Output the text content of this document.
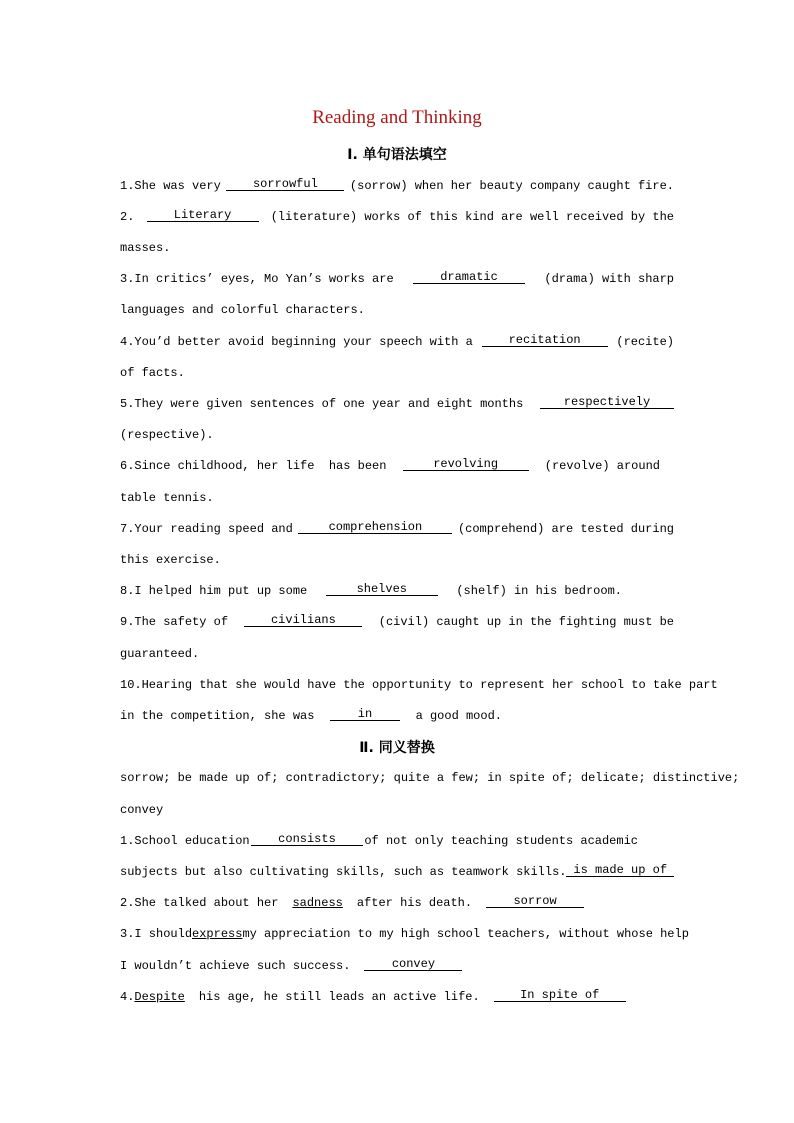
Reading and Thinking
Ⅰ. 单句语法填空
1.She was very	sorrowful	(sorrow) when her beauty company caught fire.
2.	Literary	(literature) works of this kind are well received by the
masses.
3.In critics’ eyes, Mo Yan’s works are	dramatic	(drama) with sharp
languages and colorful characters.
4.You’d better avoid beginning your speech with a	recitation	(recite)
of facts.
5.They were given sentences of one year and eight months	respectively
(respective).
6.Since childhood, her life  has been	revolving	(revolve) around
table tennis.
7.Your reading speed and	comprehension	(comprehend) are tested during
this exercise.
8.I helped him put up some	shelves	(shelf) in his bedroom.
9.The safety of	civilians	(civil) caught up in the fighting must be
guaranteed.
10.Hearing that she would have the opportunity to represent her school to take part
in the competition, she was	in	a good mood.
Ⅱ. 同义替换
sorrow; be made up of; contradictory; quite a few; in spite of; delicate; distinctive;
convey
1.School education	consists	of not only teaching students academic
subjects but also cultivating skills, such as teamwork skills. is made up of
2.She talked about her sadness after his death.	sorrow
3.I should express my appreciation to my high school teachers, without whose help
I wouldn’t achieve such success.	convey
4. Despite his age, he still leads an active life.	In spite of
